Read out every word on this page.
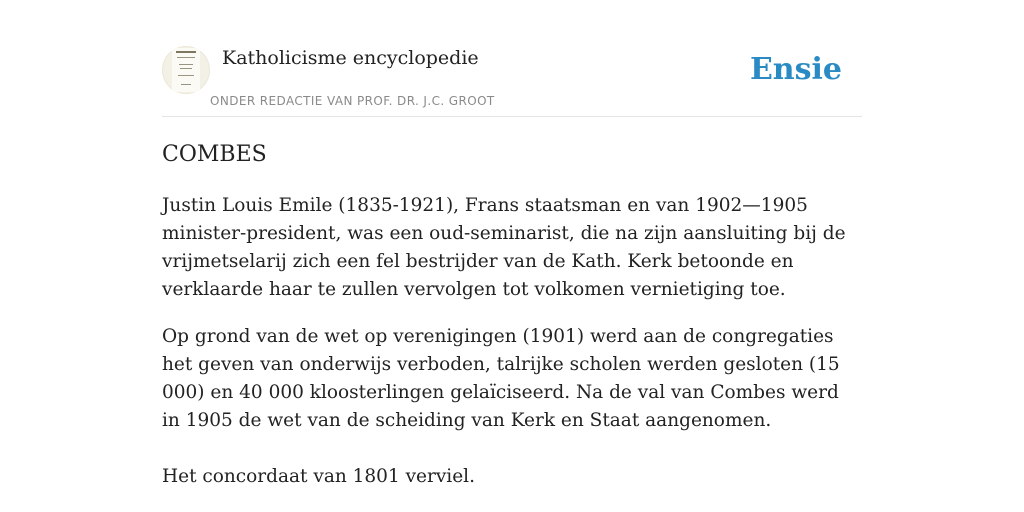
Katholicisme encyclopedie
ONDER REDACTIE VAN PROF. DR. J.C. GROOT
Ensie
COMBES

Justin Louis Emile (1835-1921), Frans staatsman en van 1902—1905 minister-president, was een oud-seminarist, die na zijn aansluiting bij de vrijmetselarij zich een fel bestrijder van de Kath. Kerk betoonde en verklaarde haar te zullen vervolgen tot volkomen vernietiging toe.

Op grond van de wet op verenigingen (1901) werd aan de congregaties het geven van onderwijs verboden, talrijke scholen werden gesloten (15 000) en 40 000 kloosterlingen gelaïciseerd. Na de val van Combes werd in 1905 de wet van de scheiding van Kerk en Staat aangenomen.

Het concordaat van 1801 verviel.
